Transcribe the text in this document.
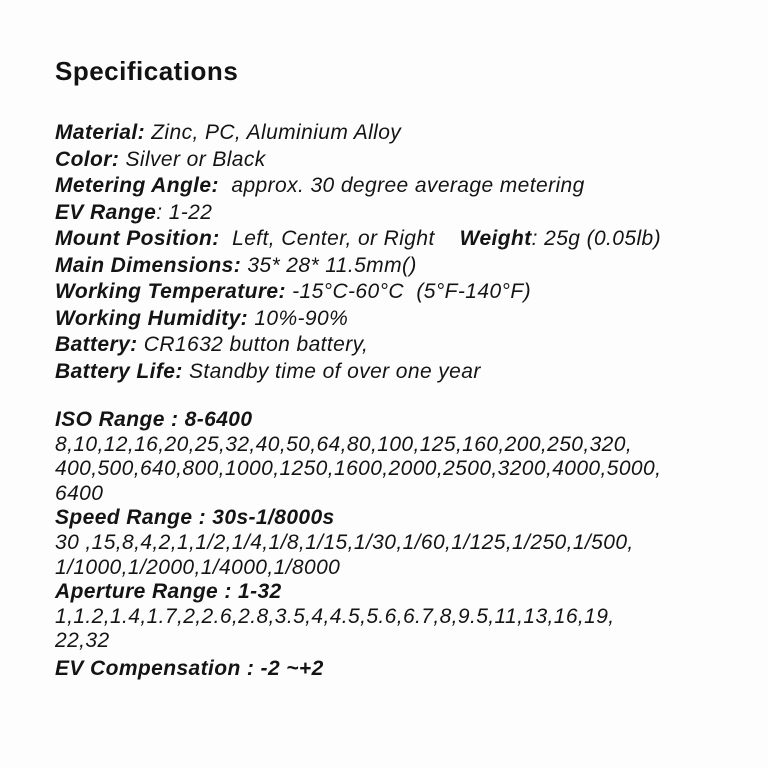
Specifications
Material: Zinc, PC, Aluminium Alloy
Color: Silver or Black
Metering Angle:  approx. 30 degree average metering
EV Range: 1-22
Mount Position:  Left, Center, or Right    Weight: 25g (0.05lb)
Main Dimensions: 35* 28* 11.5mm()
Working Temperature: -15°C-60°C  (5°F-140°F)
Working Humidity: 10%-90%
Battery: CR1632 button battery,
Battery Life: Standby time of over one year
ISO Range : 8-6400
8,10,12,16,20,25,32,40,50,64,80,100,125,160,200,250,320,
400,500,640,800,1000,1250,1600,2000,2500,3200,4000,5000,
6400
Speed Range : 30s-1/8000s
30 ,15,8,4,2,1,1/2,1/4,1/8,1/15,1/30,1/60,1/125,1/250,1/500,
1/1000,1/2000,1/4000,1/8000
Aperture Range : 1-32
1,1.2,1.4,1.7,2,2.6,2.8,3.5,4,4.5,5.6,6.7,8,9.5,11,13,16,19,
22,32
EV Compensation : -2 ~+2
